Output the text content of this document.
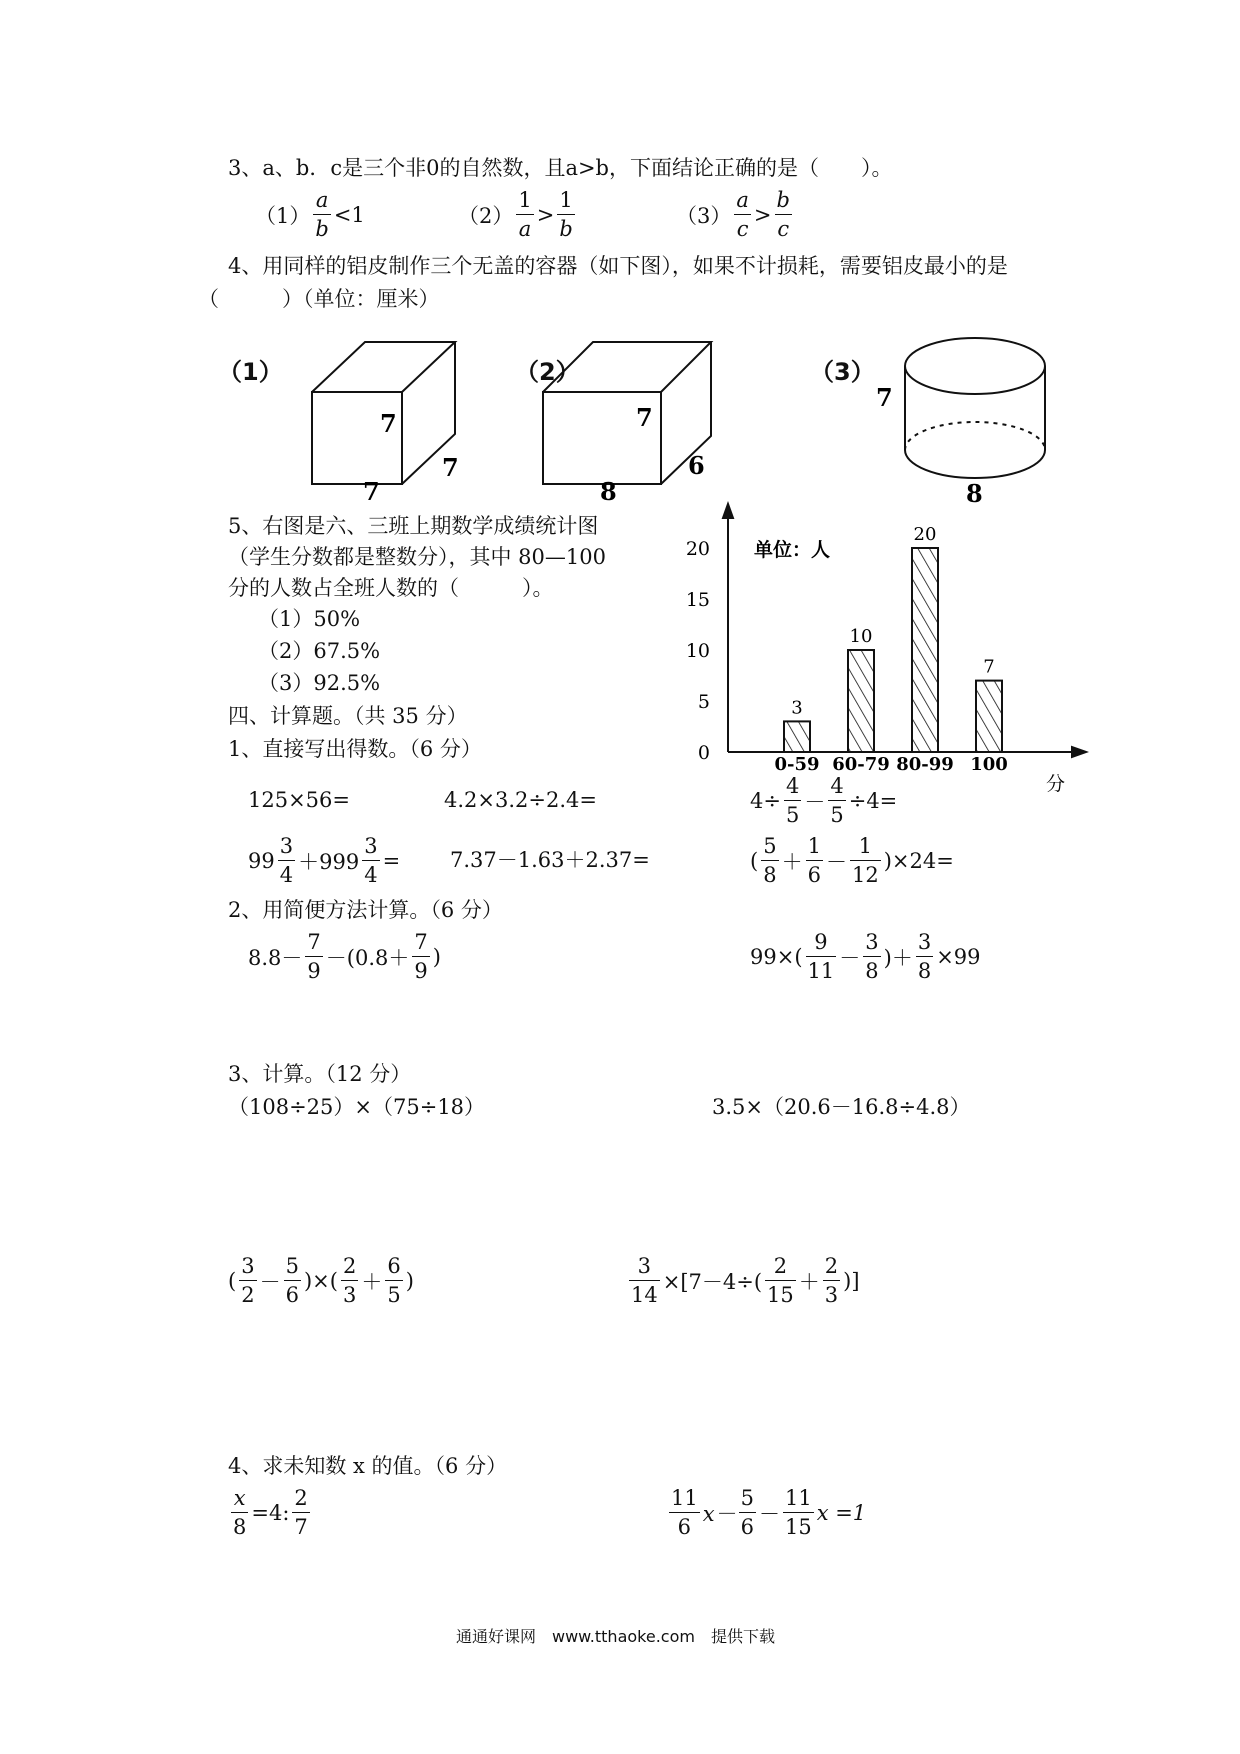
3、a、b．c是三个非0的自然数，且a>b，下面结论正确的是（　　）。
（1）
a
b
<1	（2）
1
a
>
1
b
（3）
a
c
>
b
c
4、用同样的铝皮制作三个无盖的容器（如下图），如果不计损耗，需要铝皮最小的是
（　　　）（单位：厘米）
（1）
7
7
7
（2）
7
6
8
（3）
7
8
5、右图是六、三班上期数学成绩统计图
（学生分数都是整数分），其中 80—100
分的人数占全班人数的（　　　）。
（1）50%
（2）67.5%
（3）92.5%
0
5
10
15
20
3
0-59
10
60-79
20
80-99
7
100
单位：人
分
四、计算题。（共 35 分）
1、直接写出得数。（6 分）
125×56=	4.2×3.2÷2.4=	$4\div \frac{4}{5} - \frac{4}{5} \div 4=$
99
3
4
$+999 \frac{3}{4} = 7.37-1.63+2.37=$	(
5
8
＋
1
6
－
1
12
)×24=
2、用简便方法计算。（6 分）
8.8－
7
9
－(0.8＋
7
9
)	99×(
9
11
－
3
8
)＋ $\frac{3}{8} \times 99$
3、计算。（12 分）
（108÷25）×（75÷18）	3.5×（20.6－16.8÷4.8）
(
3
2
－
5
6
)×(
2
3
＋
6
5
)	$\frac{3}{14} \times[7-4\div$(
2
15
＋
2
3
)]
4、求未知数 x 的值。（6 分）
$\frac{x}{8} =4$:
2
7
11
6
x－
5
6
－
11
15
x =1
通通好课网　www.tthaoke.com　提供下载
